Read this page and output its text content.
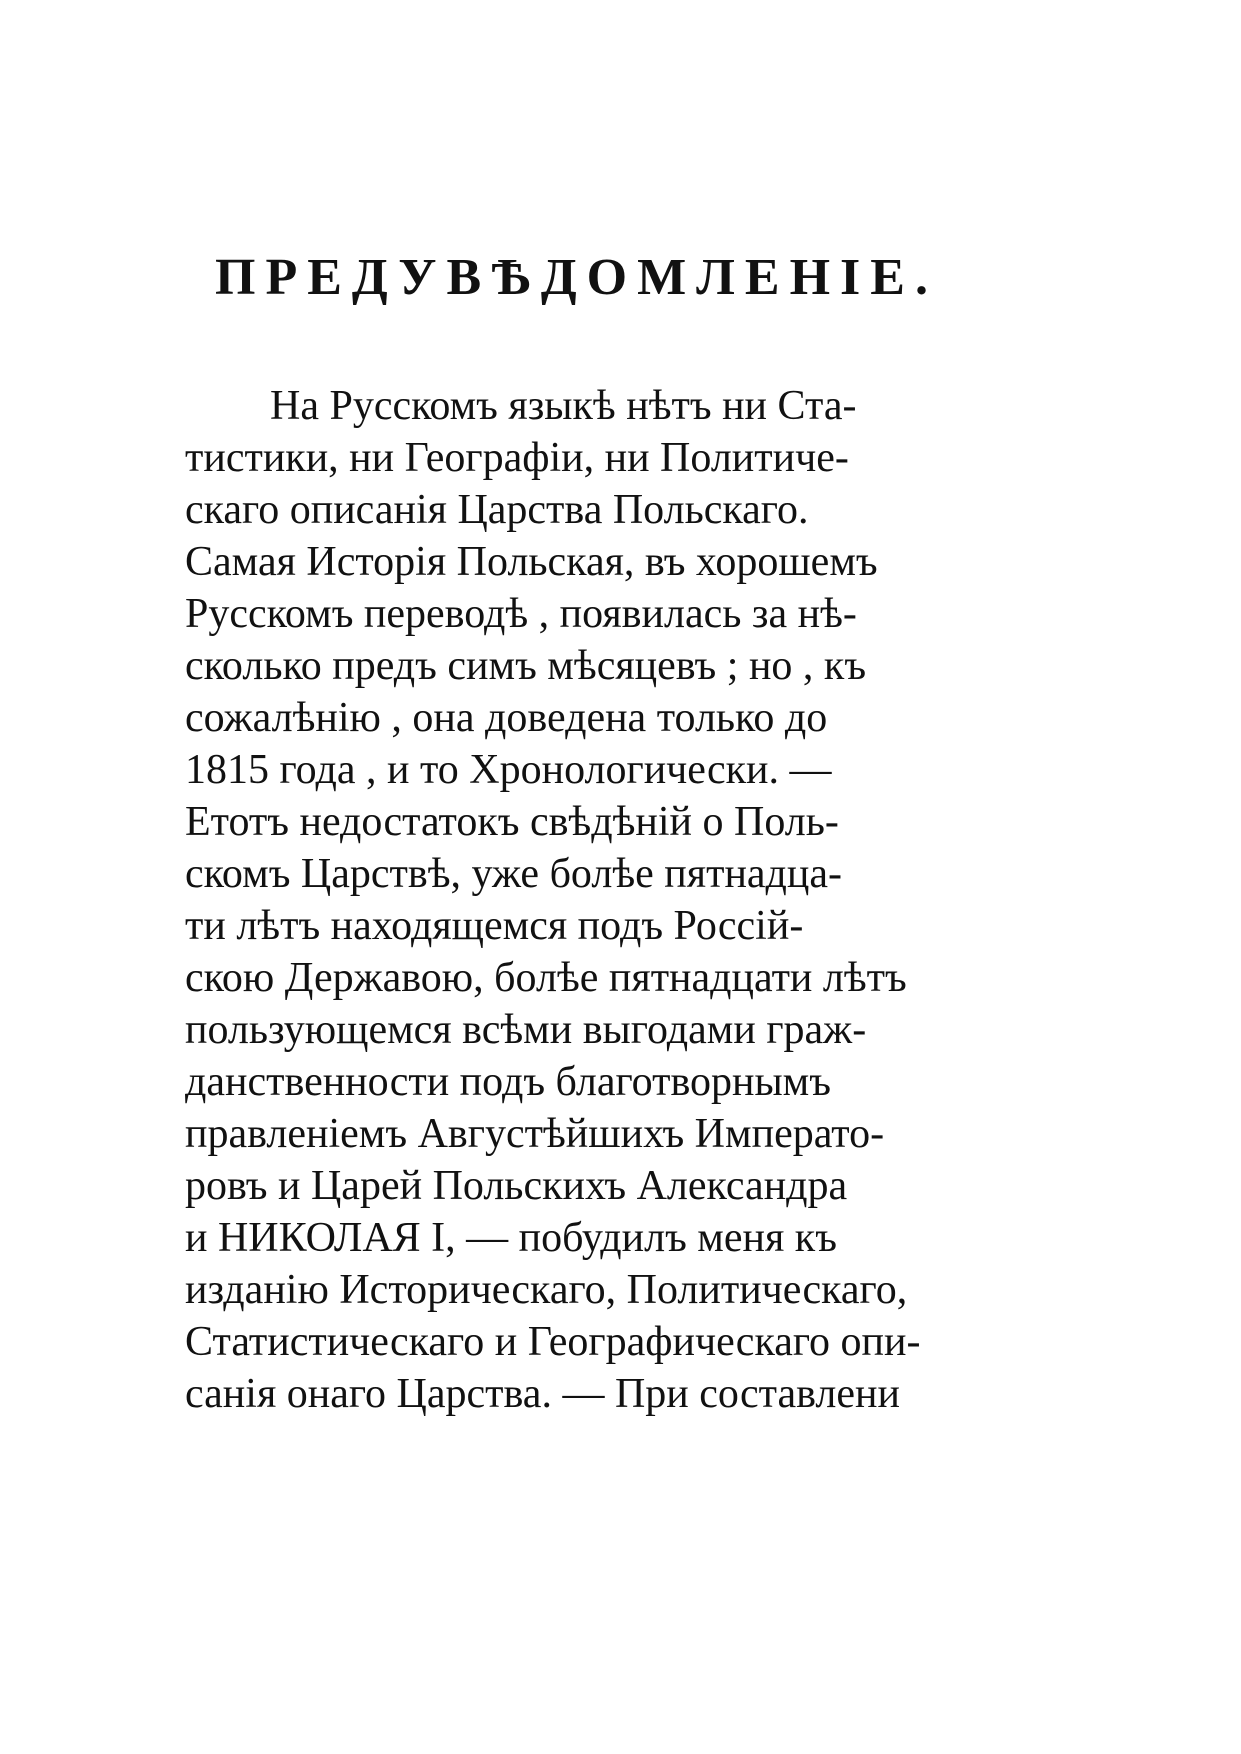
ПРЕДУВѢДОМЛЕНІЕ.
На Русскомъ языкѣ нѣтъ ни Ста-
тистики, ни Географіи, ни Политиче-
скаго описанія Царства Польскаго.
Самая Исторія Польская, въ хорошемъ
Русскомъ переводѣ , появилась за нѣ-
сколько предъ симъ мѣсяцевъ ; но , къ
сожалѣнію , она доведена только до
1815 года , и то Хронологически. —
Етотъ недостатокъ свѣдѣній о Поль-
скомъ Царствѣ, уже болѣе пятнадца-
ти лѣтъ находящемся подъ Россій-
скою Державою, болѣе пятнадцати лѣтъ
пользующемся всѣми выгодами граж-
данственности подъ благотворнымъ
правленіемъ Августѣйшихъ Императо-
ровъ и Царей Польскихъ Александра
и НИКОЛАЯ I, — побудилъ меня къ
изданію Историческаго, Политическаго,
Статистическаго и Географическаго опи-
санія онаго Царства. — При составлени
